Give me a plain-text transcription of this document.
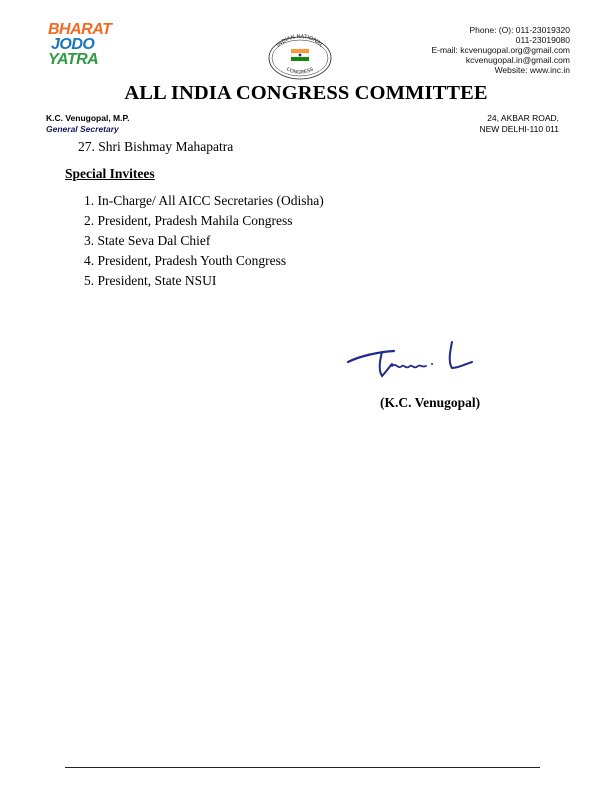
BHARAT
JODO
YATRA
INDIAN NATIONAL
CONGRESS
Phone: (O): 011-23019320
011-23019080
E-mail: kcvenugopal.org@gmail.com
kcvenugopal.in@gmail.com
Website: www.inc.in
ALL INDIA CONGRESS COMMITTEE
K.C. Venugopal, M.P.
General Secretary
24, AKBAR ROAD,
NEW DELHI-110 011
27. Shri Bishmay Mahapatra
Special Invitees
1. In-Charge/ All AICC Secretaries (Odisha)
2. President, Pradesh Mahila Congress
3. State Seva Dal Chief
4. President, Pradesh Youth Congress
5. President, State NSUI
(K.C. Venugopal)
